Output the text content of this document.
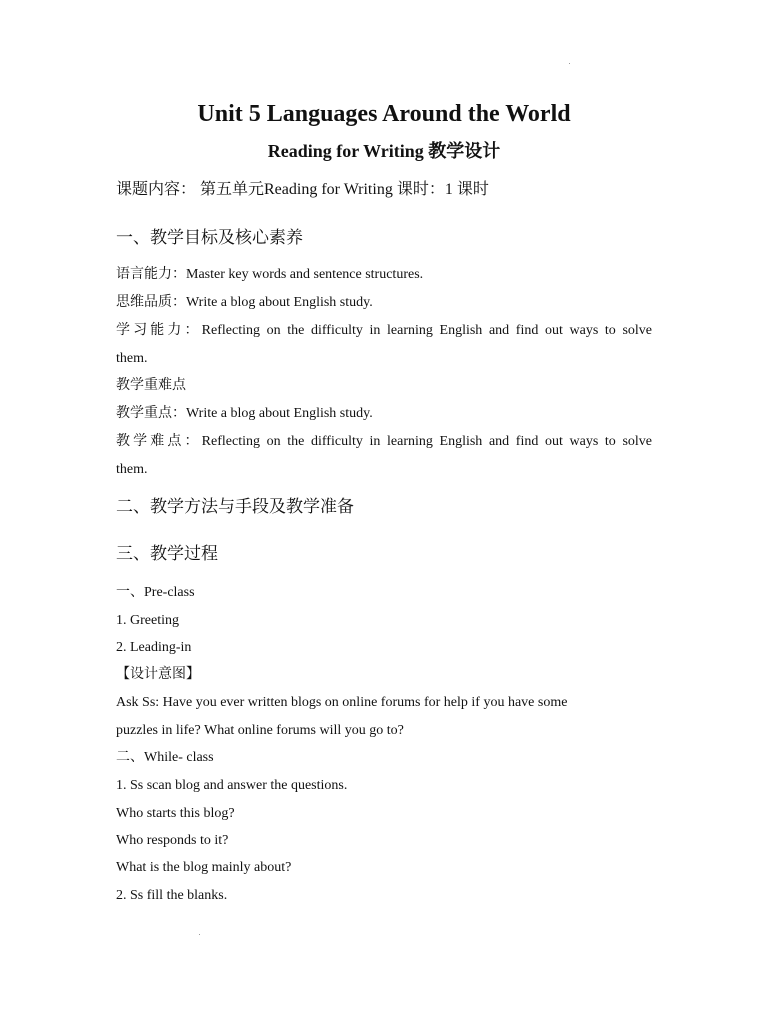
Unit 5 Languages Around the World
Reading for Writing 教学设计
课题内容： 第五单元Reading for Writing 课时：1 课时
一、教学目标及核心素养
语言能力：Master key words and sentence structures.
思维品质：Write a blog about English study.
学习能力：Reflecting on the difficulty in learning English and find out ways to solve
them.
教学重难点
教学重点：Write a blog about English study.
教学难点：Reflecting on the difficulty in learning English and find out ways to solve
them.
二、教学方法与手段及教学准备
三、教学过程
一、Pre-class
1. Greeting
2. Leading-in
【设计意图】
Ask Ss: Have you ever written blogs on online forums for help if you have some
puzzles in life? What online forums will you go to?
二、While- class
1. Ss scan blog and answer the questions.
Who starts this blog?
Who responds to it?
What is the blog mainly about?
2. Ss fill the blanks.
